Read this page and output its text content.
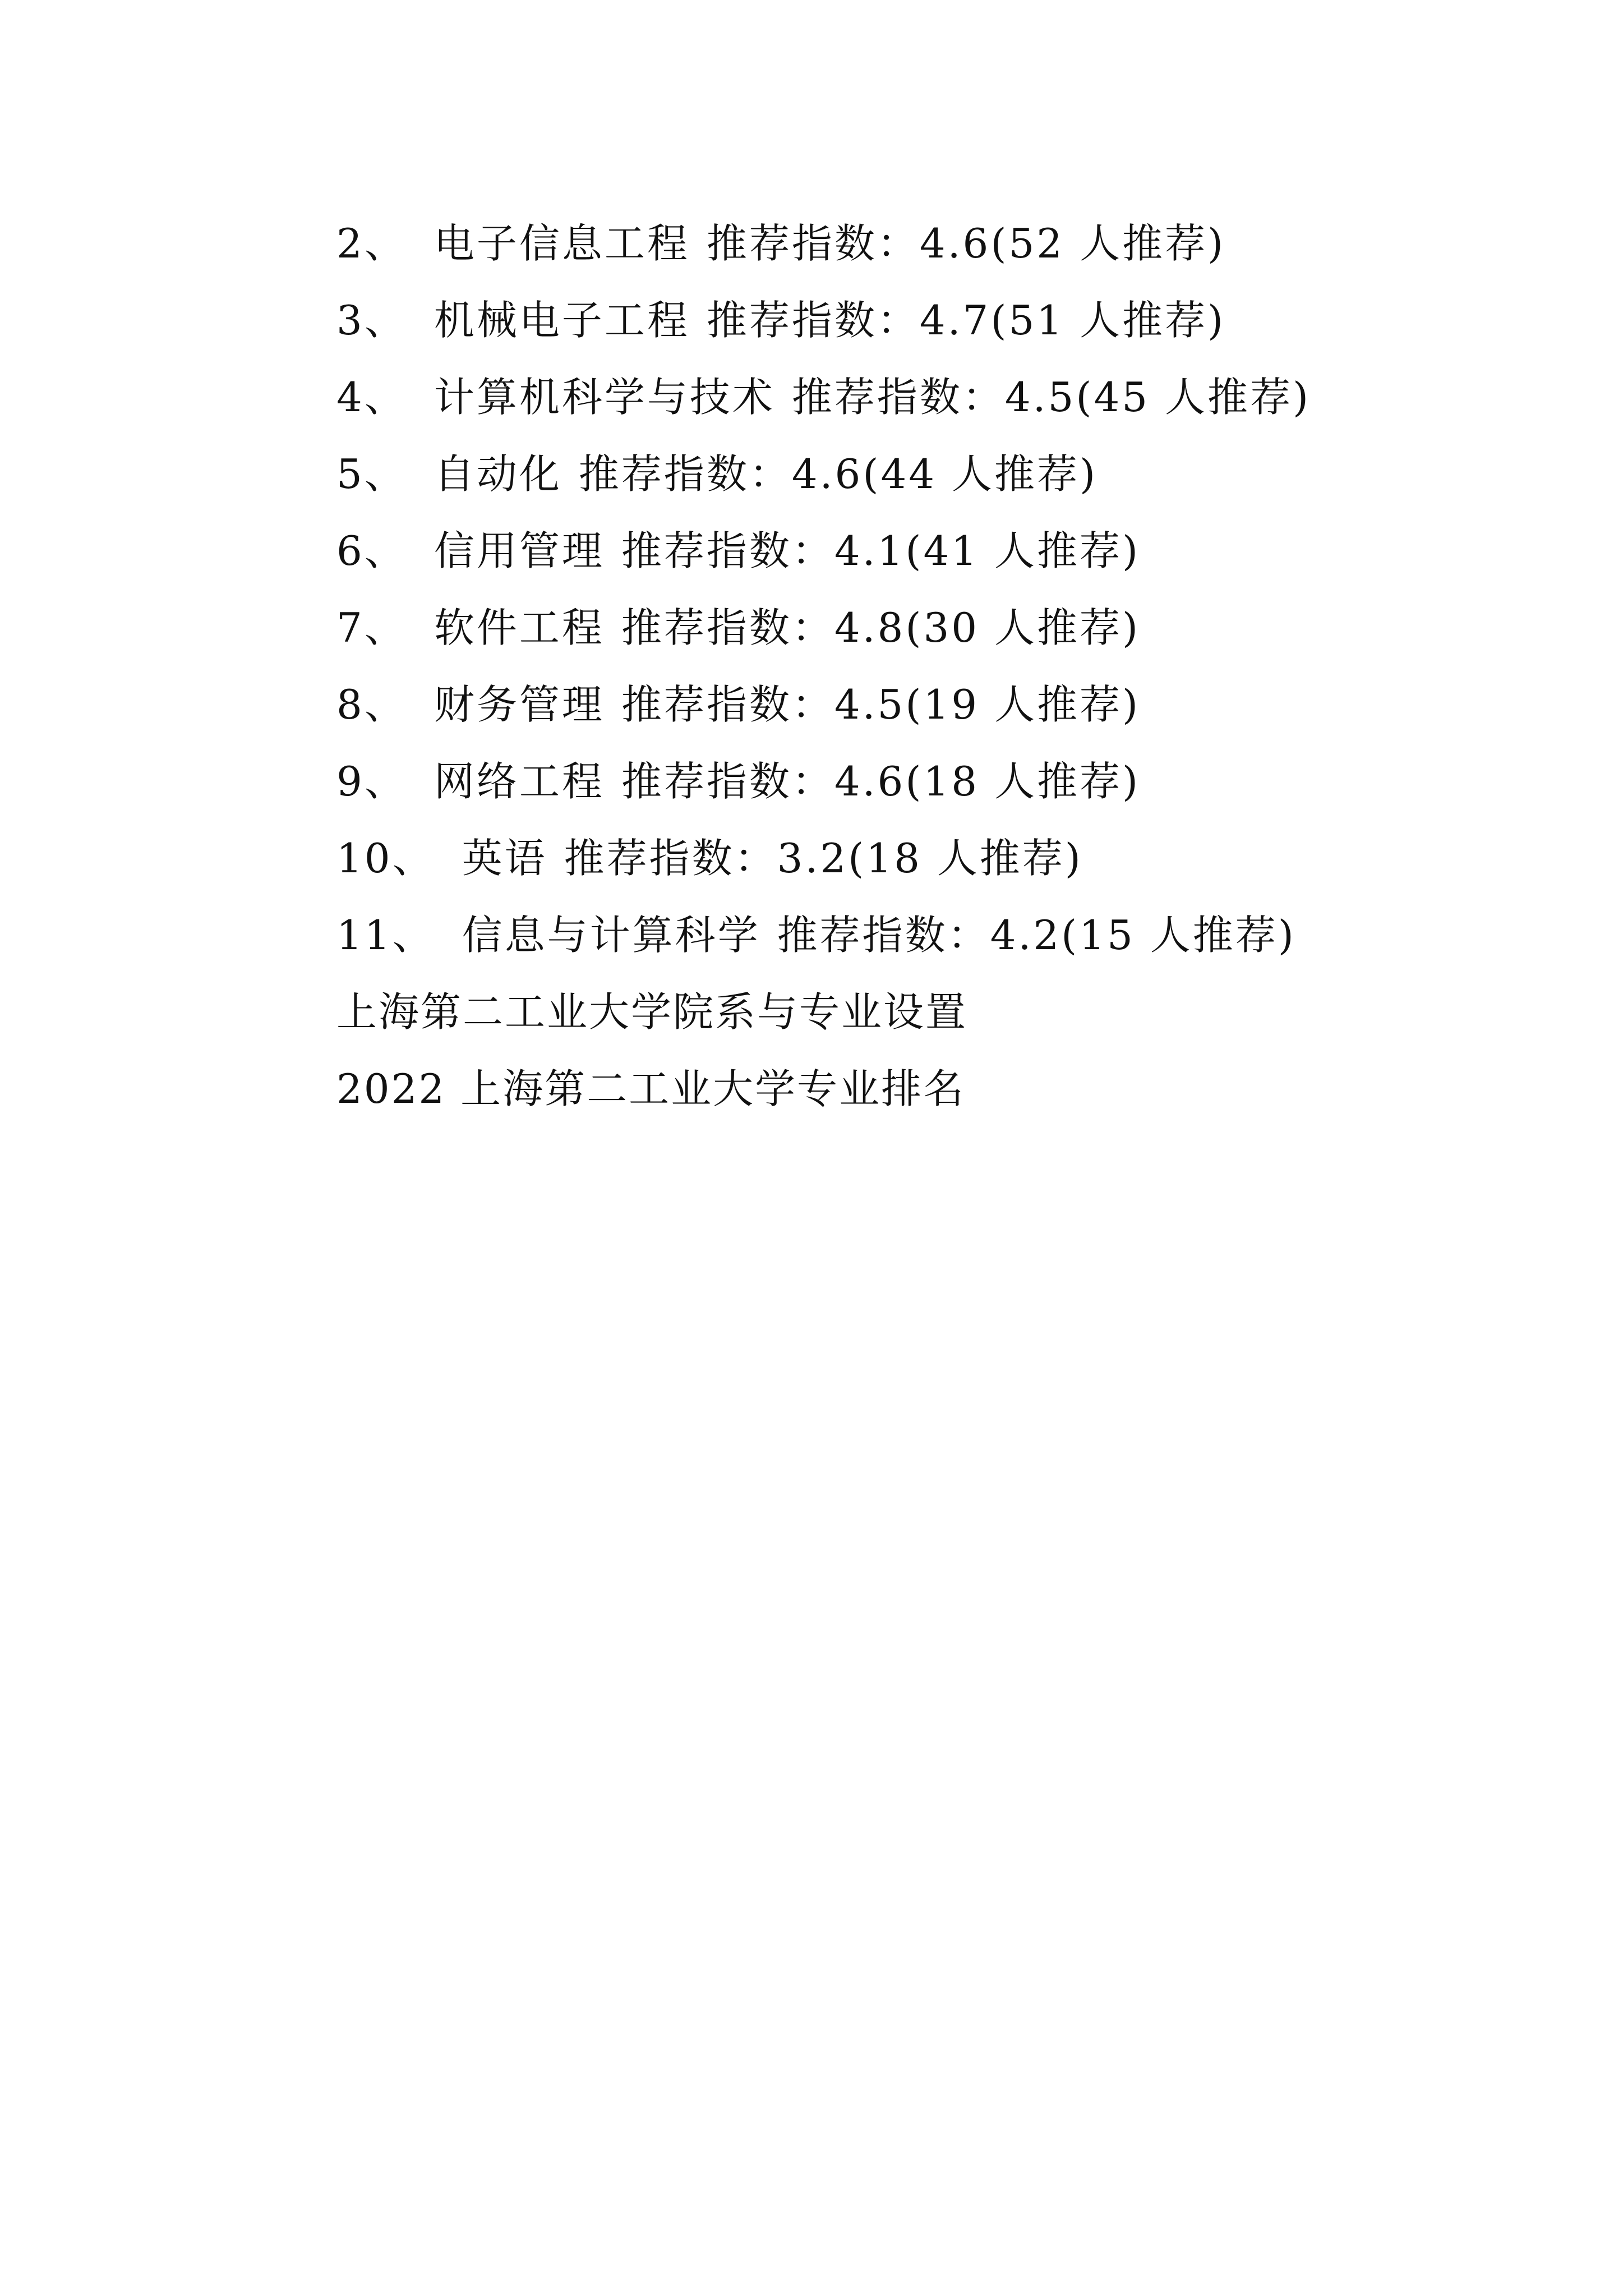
2、 电子信息工程 推荐指数：4.6(52 人推荐)
3、 机械电子工程 推荐指数：4.7(51 人推荐)
4、 计算机科学与技术 推荐指数：4.5(45 人推荐)
5、 自动化 推荐指数：4.6(44 人推荐)
6、 信用管理 推荐指数：4.1(41 人推荐)
7、 软件工程 推荐指数：4.8(30 人推荐)
8、 财务管理 推荐指数：4.5(19 人推荐)
9、 网络工程 推荐指数：4.6(18 人推荐)
10、 英语 推荐指数：3.2(18 人推荐)
11、 信息与计算科学 推荐指数：4.2(15 人推荐)
上海第二工业大学院系与专业设置
2022 上海第二工业大学专业排名
